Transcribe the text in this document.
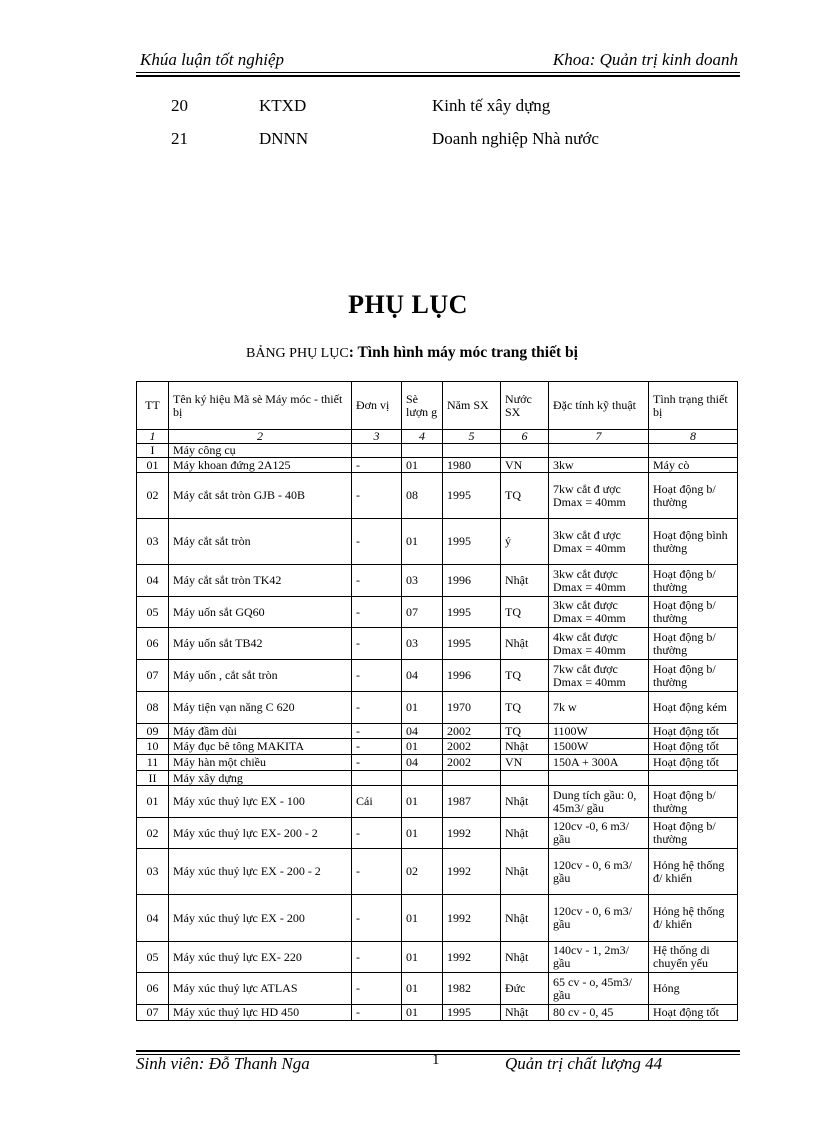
Khúa luận tốt nghiệp	Khoa: Quản trị kinh doanh
20	KTXD	Kinh tế xây dựng
21	DNNN	Doanh nghiệp Nhà nước
PHỤ LỤC
BẢNG PHỤ LỤC: Tình hình máy móc trang thiết bị
TT	Tên ký hiệu Mã sè Máy móc - thiết bị	Đơn vị	Sè lượn g	Năm SX	Nước SX	Đặc tính kỹ thuật	Tình trạng thiết bị
1	2	3	4	5	6	7	8
I	Máy công cụ						
01	Máy khoan đứng 2A125	-	01	1980	VN	3kw	Máy cò
02	Máy cắt sắt tròn GJB - 40B	-	08	1995	TQ	7kw cắt đ ược Dmax = 40mm	Hoạt động b/ thường
03	Máy cắt sắt tròn	-	01	1995	ý	3kw cắt đ ược Dmax = 40mm	Hoạt động bình thường
04	Máy cắt sắt tròn TK42	-	03	1996	Nhật	3kw cắt được Dmax = 40mm	Hoạt động b/ thường
05	Máy uốn sắt GQ60	-	07	1995	TQ	3kw cắt được Dmax = 40mm	Hoạt động b/ thường
06	Máy uốn sắt TB42	-	03	1995	Nhật	4kw cắt được Dmax = 40mm	Hoạt động b/ thường
07	Máy uốn , cắt sắt tròn	-	04	1996	TQ	7kw cắt được Dmax = 40mm	Hoạt động b/ thường
08	Máy tiện vạn năng C 620	-	01	1970	TQ	7k w	Hoạt động kém
09	Máy đầm dùi	-	04	2002	TQ	1100W	Hoạt động tốt
10	Máy đục bê tông MAKITA	-	01	2002	Nhật	1500W	Hoạt động tốt
11	Máy hàn một chiều	-	04	2002	VN	150A + 300A	Hoạt động tốt
II	Máy xây dựng						
01	Máy xúc thuỷ lực EX - 100	Cái	01	1987	Nhật	Dung tích gầu: 0, 45m3/ gầu	Hoạt động b/ thường
02	Máy xúc thuỷ lực EX- 200 - 2	-	01	1992	Nhật	120cv -0, 6 m3/ gầu	Hoạt động b/ thường
03	Máy xúc thuỷ lực EX - 200 - 2	-	02	1992	Nhật	120cv - 0, 6 m3/ gầu	Hỏng hệ thống đ/ khiển
04	Máy xúc thuỷ lực EX - 200	-	01	1992	Nhật	120cv - 0, 6 m3/ gầu	Hỏng hệ thống đ/ khiển
05	Máy xúc thuỷ lực EX- 220	-	01	1992	Nhật	140cv - 1, 2m3/ gầu	Hệ thống di chuyển yếu
06	Máy xúc thuỷ lực ATLAS	-	01	1982	Đức	65 cv - o, 45m3/ gầu	Hỏng
07	Máy xúc thuỷ lực HD 450	-	01	1995	Nhật	80 cv - 0, 45	Hoạt động tốt
Sinh viên: Đỗ Thanh Nga	1	Quản trị chất lượng 44
